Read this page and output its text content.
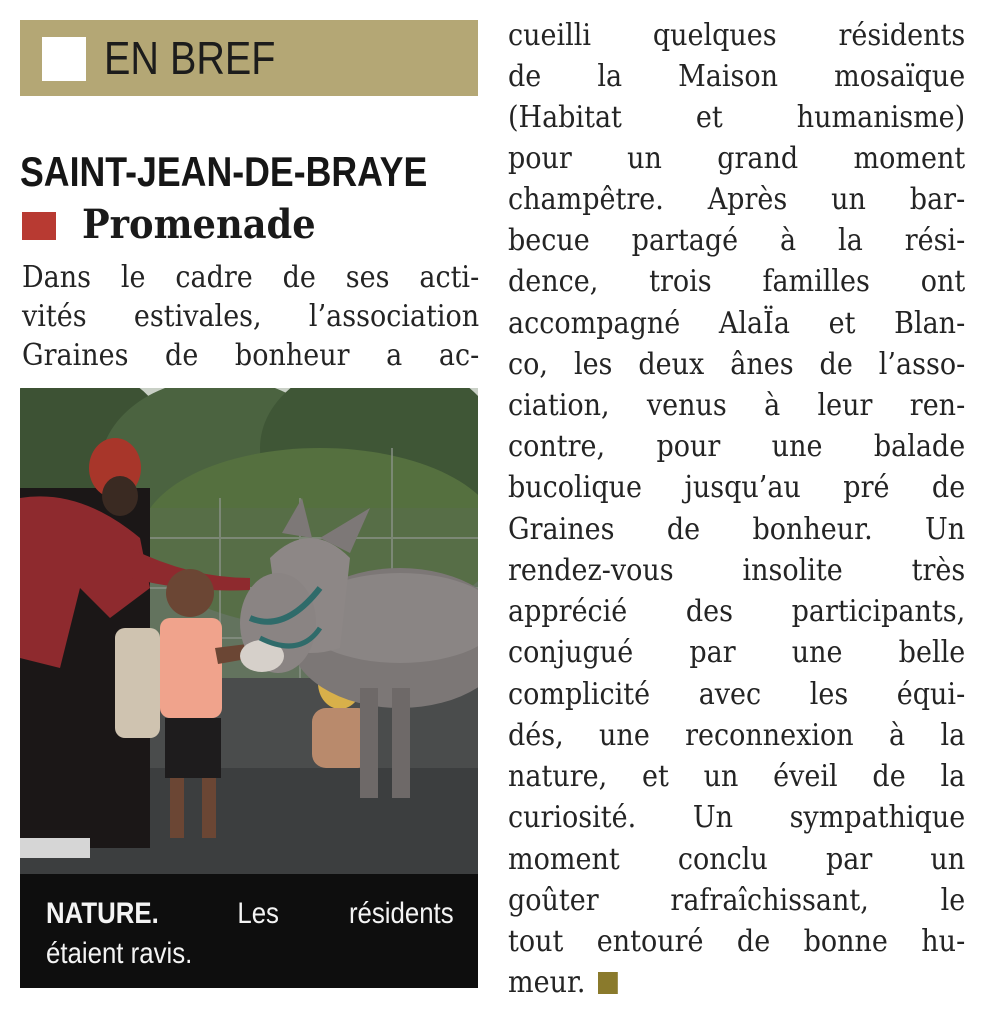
EN BREF
SAINT-JEAN-DE-BRAYE
Promenade
Dans le cadre de ses acti-
vités estivales, l’association
Graines de bonheur a ac-
NATURE.	Les résidents
étaient ravis.
cueilli quelques résidents
de la Maison mosaïque
(Habitat et humanisme)
pour un grand moment
champêtre. Après un bar-
becue partagé à la rési-
dence, trois familles ont
accompagné AlaÏa et Blan-
co, les deux ânes de l’asso-
ciation, venus à leur ren-
contre, pour une balade
bucolique jusqu’au pré de
Graines de bonheur. Un
rendez-vous insolite très
apprécié des participants,
conjugué par une belle
complicité avec les équi-
dés, une reconnexion à la
nature, et un éveil de la
curiosité. Un sympathique
moment conclu par un
goûter rafraîchissant, le
tout entouré de bonne hu-
meur.
